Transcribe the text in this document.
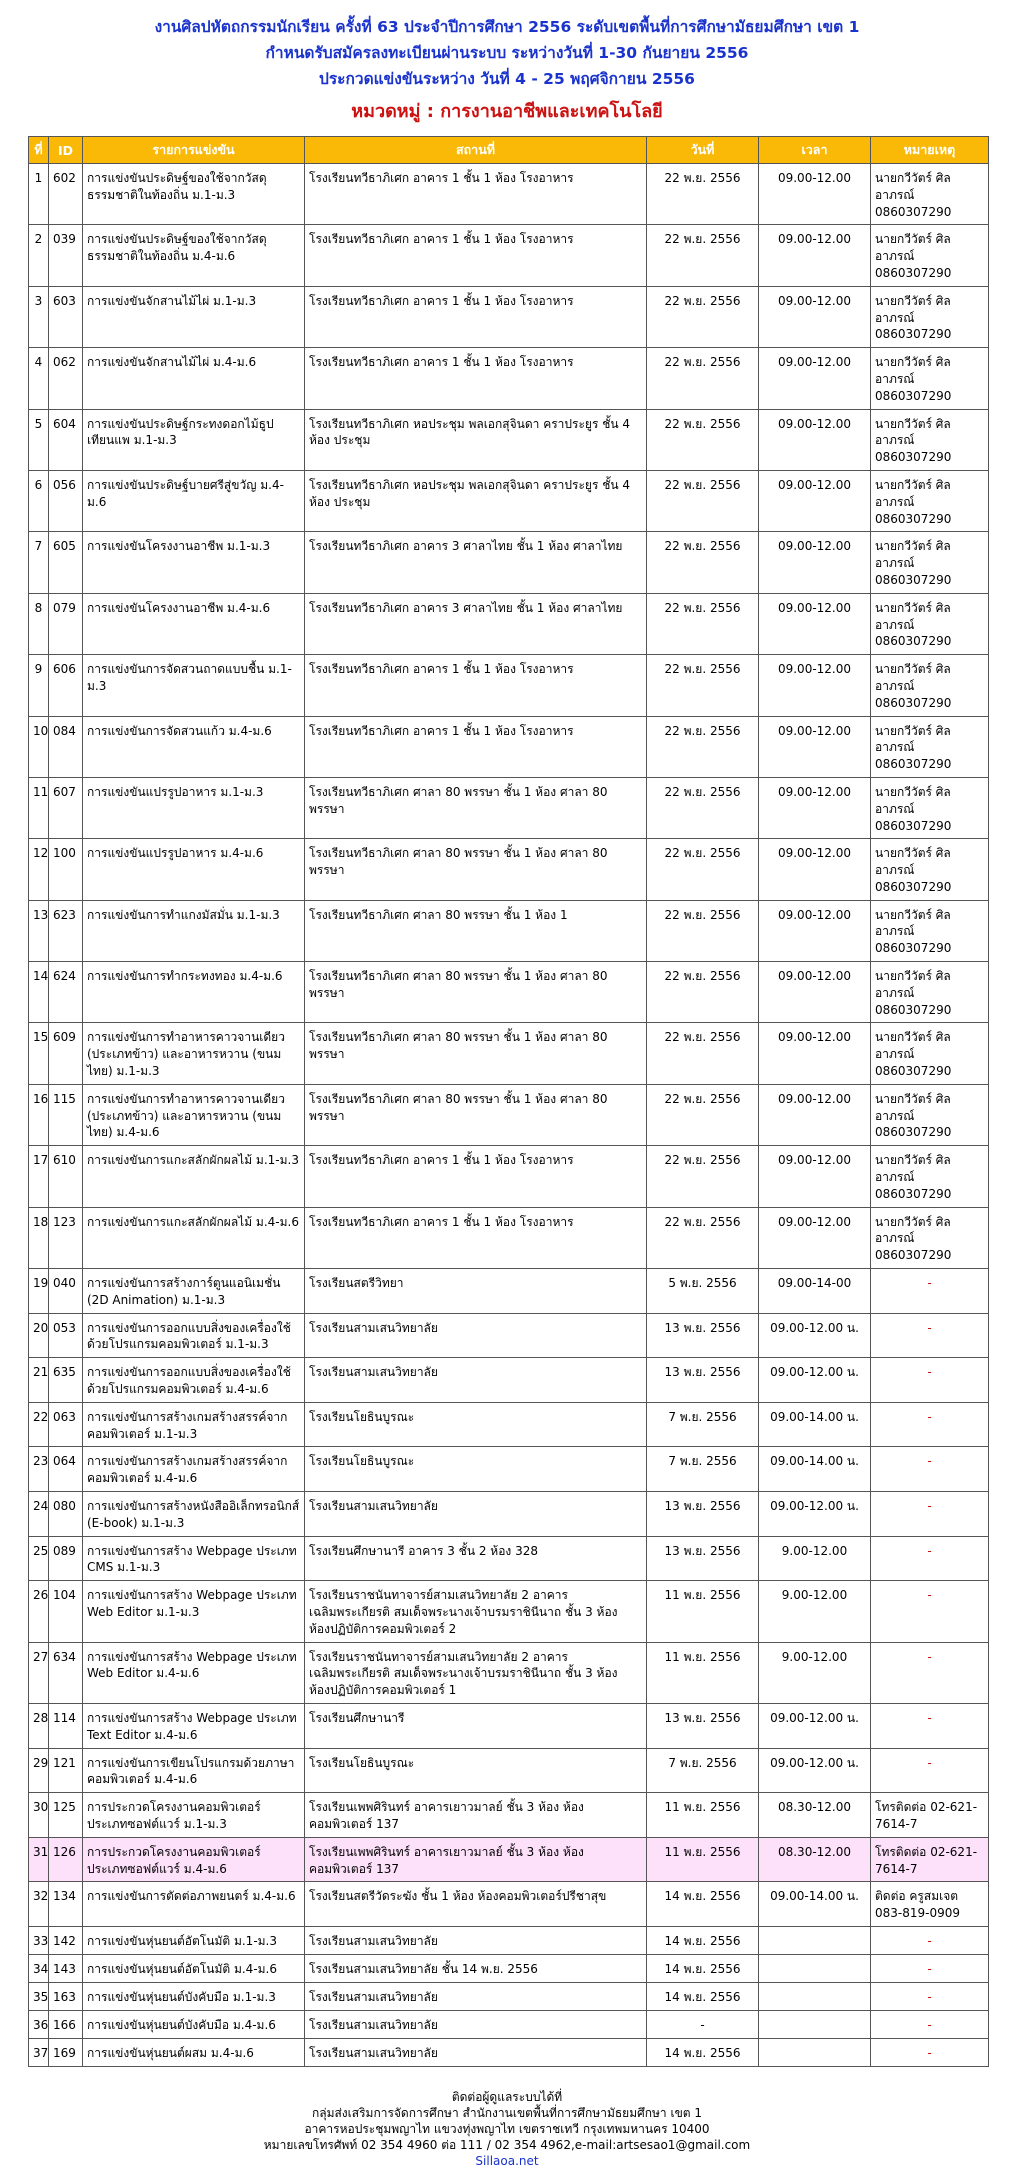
งานศิลปหัตถกรรมนักเรียน ครั้งที่ 63 ประจำปีการศึกษา 2556 ระดับเขตพื้นที่การศึกษามัธยมศึกษา เขต 1
กำหนดรับสมัครลงทะเบียนผ่านระบบ ระหว่างวันที่ 1-30 กันยายน 2556
ประกวดแข่งขันระหว่าง วันที่ 4 - 25 พฤศจิกายน 2556
หมวดหมู่ : การงานอาชีพและเทคโนโลยี
ที่	ID	รายการแข่งขัน	สถานที่	วันที่	เวลา	หมายเหตุ
1	602	การแข่งขันประดิษฐ์ของใช้จากวัสดุธรรมชาติในท้องถิ่น ม.1-ม.3	โรงเรียนทวีธาภิเศก อาคาร 1 ชั้น 1 ห้อง โรงอาหาร	22 พ.ย. 2556	09.00-12.00	นายกวีวัตร์ ศิลอาภรณ์ 0860307290
2	039	การแข่งขันประดิษฐ์ของใช้จากวัสดุธรรมชาติในท้องถิ่น ม.4-ม.6	โรงเรียนทวีธาภิเศก อาคาร 1 ชั้น 1 ห้อง โรงอาหาร	22 พ.ย. 2556	09.00-12.00	นายกวีวัตร์ ศิลอาภรณ์ 0860307290
3	603	การแข่งขันจักสานไม้ไผ่ ม.1-ม.3	โรงเรียนทวีธาภิเศก อาคาร 1 ชั้น 1 ห้อง โรงอาหาร	22 พ.ย. 2556	09.00-12.00	นายกวีวัตร์ ศิลอาภรณ์ 0860307290
4	062	การแข่งขันจักสานไม้ไผ่ ม.4-ม.6	โรงเรียนทวีธาภิเศก อาคาร 1 ชั้น 1 ห้อง โรงอาหาร	22 พ.ย. 2556	09.00-12.00	นายกวีวัตร์ ศิลอาภรณ์ 0860307290
5	604	การแข่งขันประดิษฐ์กระทงดอกไม้ธูปเทียนแพ ม.1-ม.3	โรงเรียนทวีธาภิเศก หอประชุม พลเอกสุจินดา คราประยูร ชั้น 4 ห้อง ประชุม	22 พ.ย. 2556	09.00-12.00	นายกวีวัตร์ ศิลอาภรณ์ 0860307290
6	056	การแข่งขันประดิษฐ์บายศรีสู่ขวัญ ม.4-ม.6	โรงเรียนทวีธาภิเศก หอประชุม พลเอกสุจินดา คราประยูร ชั้น 4 ห้อง ประชุม	22 พ.ย. 2556	09.00-12.00	นายกวีวัตร์ ศิลอาภรณ์ 0860307290
7	605	การแข่งขันโครงงานอาชีพ ม.1-ม.3	โรงเรียนทวีธาภิเศก อาคาร 3 ศาลาไทย ชั้น 1 ห้อง ศาลาไทย	22 พ.ย. 2556	09.00-12.00	นายกวีวัตร์ ศิลอาภรณ์ 0860307290
8	079	การแข่งขันโครงงานอาชีพ ม.4-ม.6	โรงเรียนทวีธาภิเศก อาคาร 3 ศาลาไทย ชั้น 1 ห้อง ศาลาไทย	22 พ.ย. 2556	09.00-12.00	นายกวีวัตร์ ศิลอาภรณ์ 0860307290
9	606	การแข่งขันการจัดสวนถาดแบบชื้น ม.1-ม.3	โรงเรียนทวีธาภิเศก อาคาร 1 ชั้น 1 ห้อง โรงอาหาร	22 พ.ย. 2556	09.00-12.00	นายกวีวัตร์ ศิลอาภรณ์ 0860307290
10	084	การแข่งขันการจัดสวนแก้ว ม.4-ม.6	โรงเรียนทวีธาภิเศก อาคาร 1 ชั้น 1 ห้อง โรงอาหาร	22 พ.ย. 2556	09.00-12.00	นายกวีวัตร์ ศิลอาภรณ์ 0860307290
11	607	การแข่งขันแปรรูปอาหาร ม.1-ม.3	โรงเรียนทวีธาภิเศก ศาลา 80 พรรษา ชั้น 1 ห้อง ศาลา 80 พรรษา	22 พ.ย. 2556	09.00-12.00	นายกวีวัตร์ ศิลอาภรณ์ 0860307290
12	100	การแข่งขันแปรรูปอาหาร ม.4-ม.6	โรงเรียนทวีธาภิเศก ศาลา 80 พรรษา ชั้น 1 ห้อง ศาลา 80 พรรษา	22 พ.ย. 2556	09.00-12.00	นายกวีวัตร์ ศิลอาภรณ์ 0860307290
13	623	การแข่งขันการทำแกงมัสมั่น ม.1-ม.3	โรงเรียนทวีธาภิเศก ศาลา 80 พรรษา ชั้น 1 ห้อง 1	22 พ.ย. 2556	09.00-12.00	นายกวีวัตร์ ศิลอาภรณ์ 0860307290
14	624	การแข่งขันการทำกระทงทอง ม.4-ม.6	โรงเรียนทวีธาภิเศก ศาลา 80 พรรษา ชั้น 1 ห้อง ศาลา 80 พรรษา	22 พ.ย. 2556	09.00-12.00	นายกวีวัตร์ ศิลอาภรณ์ 0860307290
15	609	การแข่งขันการทำอาหารคาวจานเดียว (ประเภทข้าว) และอาหารหวาน (ขนมไทย) ม.1-ม.3	โรงเรียนทวีธาภิเศก ศาลา 80 พรรษา ชั้น 1 ห้อง ศาลา 80 พรรษา	22 พ.ย. 2556	09.00-12.00	นายกวีวัตร์ ศิลอาภรณ์ 0860307290
16	115	การแข่งขันการทำอาหารคาวจานเดียว (ประเภทข้าว) และอาหารหวาน (ขนมไทย) ม.4-ม.6	โรงเรียนทวีธาภิเศก ศาลา 80 พรรษา ชั้น 1 ห้อง ศาลา 80 พรรษา	22 พ.ย. 2556	09.00-12.00	นายกวีวัตร์ ศิลอาภรณ์ 0860307290
17	610	การแข่งขันการแกะสลักผักผลไม้ ม.1-ม.3	โรงเรียนทวีธาภิเศก อาคาร 1 ชั้น 1 ห้อง โรงอาหาร	22 พ.ย. 2556	09.00-12.00	นายกวีวัตร์ ศิลอาภรณ์ 0860307290
18	123	การแข่งขันการแกะสลักผักผลไม้ ม.4-ม.6	โรงเรียนทวีธาภิเศก อาคาร 1 ชั้น 1 ห้อง โรงอาหาร	22 พ.ย. 2556	09.00-12.00	นายกวีวัตร์ ศิลอาภรณ์ 0860307290
19	040	การแข่งขันการสร้างการ์ตูนแอนิเมชั่น (2D Animation) ม.1-ม.3	โรงเรียนสตรีวิทยา	5 พ.ย. 2556	09.00-14-00	-
20	053	การแข่งขันการออกแบบสิ่งของเครื่องใช้ด้วยโปรแกรมคอมพิวเตอร์ ม.1-ม.3	โรงเรียนสามเสนวิทยาลัย	13 พ.ย. 2556	09.00-12.00 น.	-
21	635	การแข่งขันการออกแบบสิ่งของเครื่องใช้ด้วยโปรแกรมคอมพิวเตอร์ ม.4-ม.6	โรงเรียนสามเสนวิทยาลัย	13 พ.ย. 2556	09.00-12.00 น.	-
22	063	การแข่งขันการสร้างเกมสร้างสรรค์จากคอมพิวเตอร์ ม.1-ม.3	โรงเรียนโยธินบูรณะ	7 พ.ย. 2556	09.00-14.00 น.	-
23	064	การแข่งขันการสร้างเกมสร้างสรรค์จากคอมพิวเตอร์ ม.4-ม.6	โรงเรียนโยธินบูรณะ	7 พ.ย. 2556	09.00-14.00 น.	-
24	080	การแข่งขันการสร้างหนังสืออิเล็กทรอนิกส์ (E-book) ม.1-ม.3	โรงเรียนสามเสนวิทยาลัย	13 พ.ย. 2556	09.00-12.00 น.	-
25	089	การแข่งขันการสร้าง Webpage ประเภท CMS ม.1-ม.3	โรงเรียนศึกษานารี อาคาร 3 ชั้น 2 ห้อง 328	13 พ.ย. 2556	9.00-12.00	-
26	104	การแข่งขันการสร้าง Webpage ประเภท Web Editor ม.1-ม.3	โรงเรียนราชนันทาจารย์สามเสนวิทยาลัย 2 อาคารเฉลิมพระเกียรติ สมเด็จพระนางเจ้าบรมราชินีนาถ ชั้น 3 ห้อง ห้องปฏิบัติการคอมพิวเตอร์ 2	11 พ.ย. 2556	9.00-12.00	-
27	634	การแข่งขันการสร้าง Webpage ประเภท Web Editor ม.4-ม.6	โรงเรียนราชนันทาจารย์สามเสนวิทยาลัย 2 อาคารเฉลิมพระเกียรติ สมเด็จพระนางเจ้าบรมราชินีนาถ ชั้น 3 ห้อง ห้องปฏิบัติการคอมพิวเตอร์ 1	11 พ.ย. 2556	9.00-12.00	-
28	114	การแข่งขันการสร้าง Webpage ประเภท Text Editor ม.4-ม.6	โรงเรียนศึกษานารี	13 พ.ย. 2556	09.00-12.00 น.	-
29	121	การแข่งขันการเขียนโปรแกรมด้วยภาษาคอมพิวเตอร์ ม.4-ม.6	โรงเรียนโยธินบูรณะ	7 พ.ย. 2556	09.00-12.00 น.	-
30	125	การประกวดโครงงานคอมพิวเตอร์ประเภทซอฟต์แวร์ ม.1-ม.3	โรงเรียนเพพศิรินทร์ อาคารเยาวมาลย์ ชั้น 3 ห้อง ห้องคอมพิวเตอร์ 137	11 พ.ย. 2556	08.30-12.00	โทรติดต่อ 02-621-7614-7
31	126	การประกวดโครงงานคอมพิวเตอร์ประเภทซอฟต์แวร์ ม.4-ม.6	โรงเรียนเพพศิรินทร์ อาคารเยาวมาลย์ ชั้น 3 ห้อง ห้องคอมพิวเตอร์ 137	11 พ.ย. 2556	08.30-12.00	โทรติดต่อ 02-621-7614-7
32	134	การแข่งขันการตัดต่อภาพยนตร์ ม.4-ม.6	โรงเรียนสตรีวัดระฆัง ชั้น 1 ห้อง ห้องคอมพิวเตอร์ปรีชาสุข	14 พ.ย. 2556	09.00-14.00 น.	ติดต่อ ครูสมเจต 083-819-0909
33	142	การแข่งขันหุ่นยนต์อัตโนมัติ ม.1-ม.3	โรงเรียนสามเสนวิทยาลัย	14 พ.ย. 2556		-
34	143	การแข่งขันหุ่นยนต์อัตโนมัติ ม.4-ม.6	โรงเรียนสามเสนวิทยาลัย ชั้น 14 พ.ย. 2556	14 พ.ย. 2556		-
35	163	การแข่งขันหุ่นยนต์บังคับมือ ม.1-ม.3	โรงเรียนสามเสนวิทยาลัย	14 พ.ย. 2556		-
36	166	การแข่งขันหุ่นยนต์บังคับมือ ม.4-ม.6	โรงเรียนสามเสนวิทยาลัย	-		-
37	169	การแข่งขันหุ่นยนต์ผสม ม.4-ม.6	โรงเรียนสามเสนวิทยาลัย	14 พ.ย. 2556		-
ติดต่อผู้ดูแลระบบได้ที่
กลุ่มส่งเสริมการจัดการศึกษา สำนักงานเขตพื้นที่การศึกษามัธยมศึกษา เขต 1
อาคารหอประชุมพญาไท แขวงทุ่งพญาไท เขตราชเทวี กรุงเทพมหานคร 10400
หมายเลขโทรศัพท์ 02 354 4960 ต่อ 111 / 02 354 4962,e-mail:artsesao1@gmail.com
Sillaoa.net
